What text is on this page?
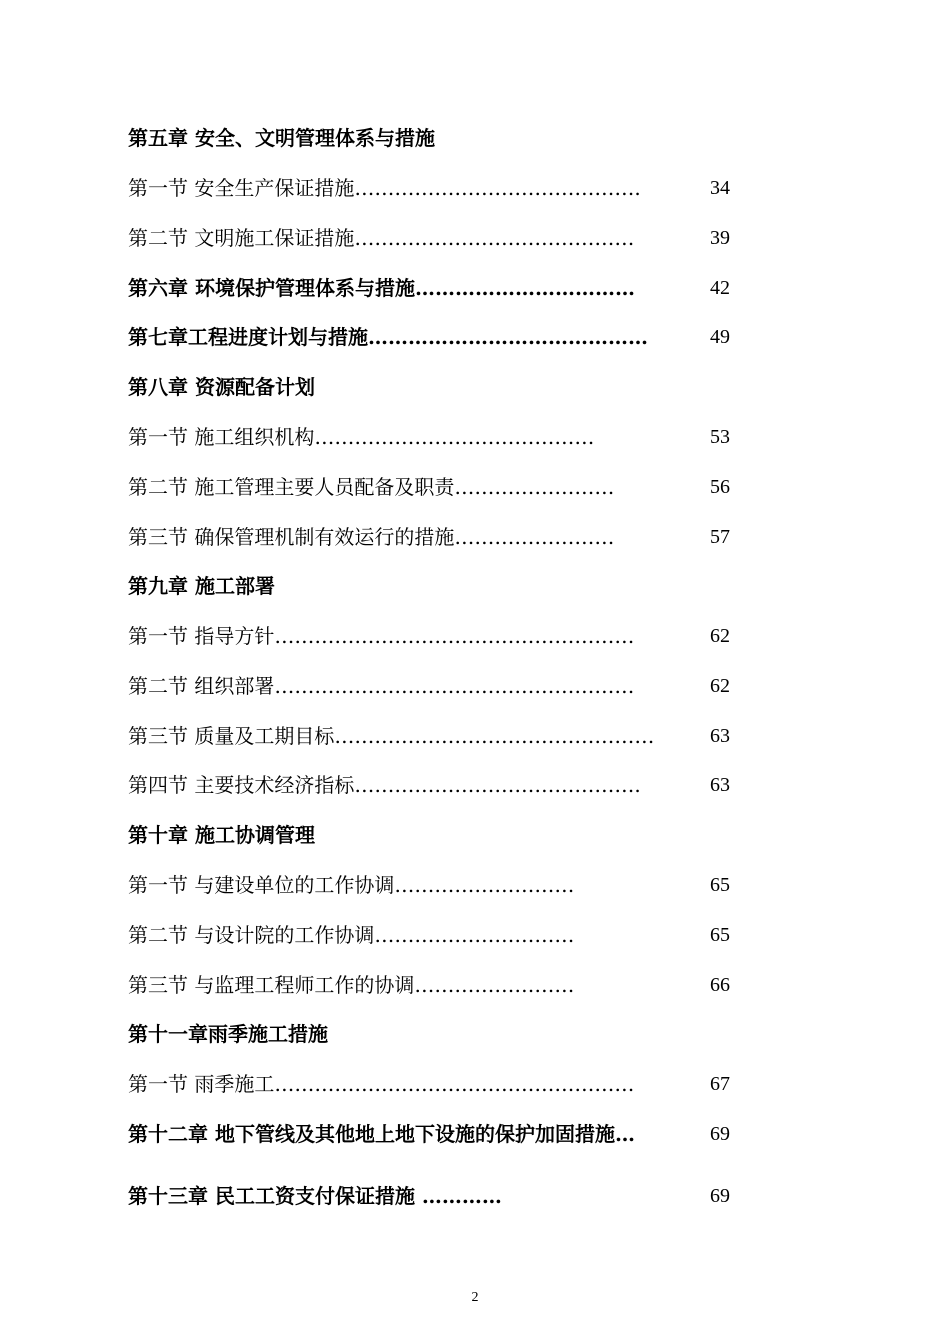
第五章 安全、文明管理体系与措施
第一节 安全生产保证措施…………………………………….	34
第二节 文明施工保证措施……………………………………	39
第六章 环境保护管理体系与措施……………………………	42
第七章工程进度计划与措施……………………………………	49
第八章 资源配备计划
第一节 施工组织机构……………………………………	53
第二节 施工管理主要人员配备及职责……………………	56
第三节 确保管理机制有效运行的措施……………………	57
第九章 施工部署
第一节 指导方针………………………………………………	62
第二节 组织部署………………………………………………	62
第三节 质量及工期目标…………………………………………	63
第四节 主要技术经济指标…………………………………….	63
第十章 施工协调管理
第一节 与建设单位的工作协调………………………	65
第二节 与设计院的工作协调…………………………	65
第三节 与监理工程师工作的协调……………………	66
第十一章雨季施工措施
第一节 雨季施工………………………………………………	67
第十二章 地下管线及其他地上地下设施的保护加固措施…	69
第十三章 民工工资支付保证措施 …………	69
2
